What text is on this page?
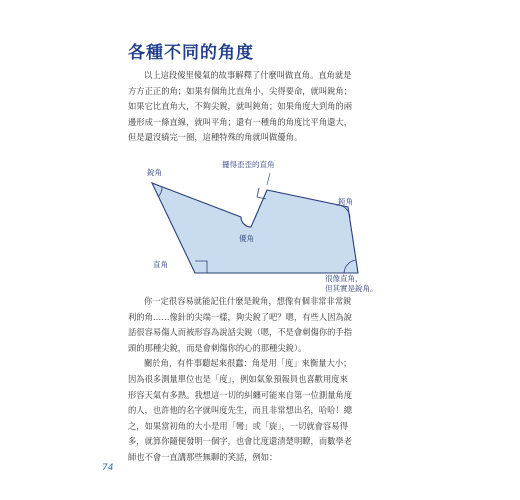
各種不同的角度
以上這段傻里傻氣的故事解釋了什麼叫做直角。直角就是
方方正正的角；如果有個角比直角小，尖得要命，就叫銳角；
如果它比直角大，不夠尖銳，就叫鈍角；如果角度大到角的兩
邊形成一條直線，就叫平角；還有一種角的角度比平角還大，
但是還沒繞完一圈，這種特殊的角就叫做優角。
銳角
擺得歪歪的直角
優角
鈍角
直角
很像直角，
但其實是銳角。
你一定很容易就能記住什麼是銳角，想像有個非常非常銳
利的角……像針的尖端一樣，夠尖銳了吧？嗯，有些人因為說
話很容易傷人而被形容為說話尖銳（嗯，不是會刺傷你的手指
頭的那種尖銳，而是會刺傷你的心的那種尖銳）。
關於角，有件事聽起來很蠢：角是用「度」來衡量大小；
因為很多測量單位也是「度」，例如氣象預報員也喜歡用度來
形容天氣有多熱。我想這一切的糾纏可能來自第一位測量角度
的人，也許他的名字就叫度先生，而且非常想出名，哈哈！總
之，如果當初角的大小是用「彎」或「旋」，一切就會容易得
多，就算你隨便發明一個字，也會比度還清楚明瞭，而數學老
師也不會一直講那些無聊的笑話，例如：
74
